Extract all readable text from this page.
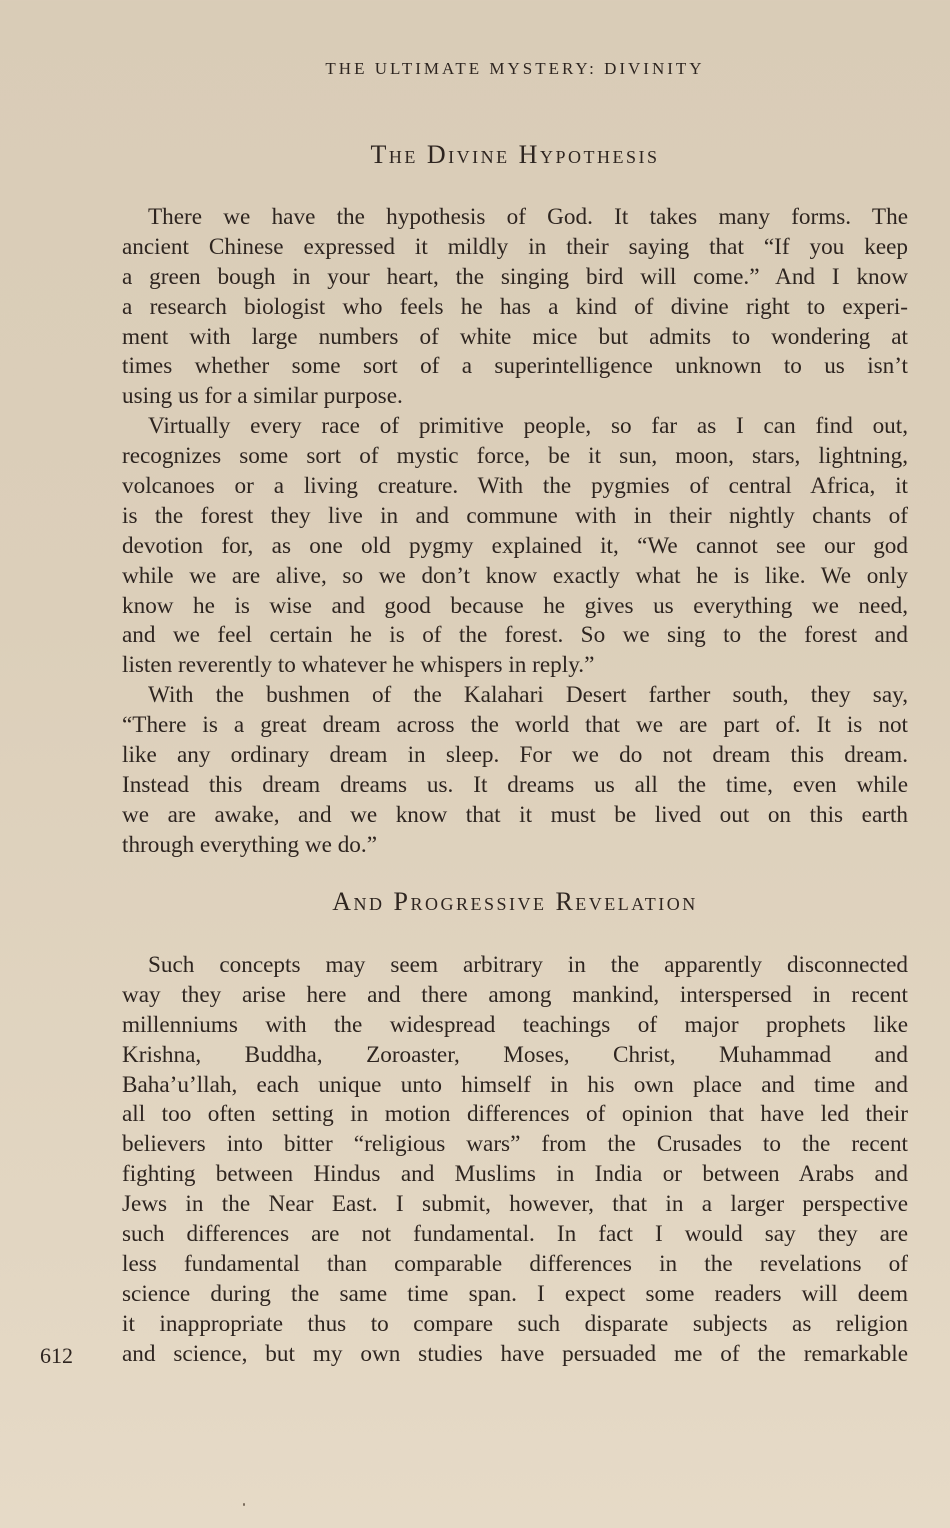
THE ULTIMATE MYSTERY: DIVINITY
The Divine Hypothesis
There we have the hypothesis of God. It takes many forms. The
ancient Chinese expressed it mildly in their saying that “If you keep
a green bough in your heart, the singing bird will come.” And I know
a research biologist who feels he has a kind of divine right to experi-
ment with large numbers of white mice but admits to wondering at
times whether some sort of a superintelligence unknown to us isn’t
using us for a similar purpose.
Virtually every race of primitive people, so far as I can find out,
recognizes some sort of mystic force, be it sun, moon, stars, lightning,
volcanoes or a living creature. With the pygmies of central Africa, it
is the forest they live in and commune with in their nightly chants of
devotion for, as one old pygmy explained it, “We cannot see our god
while we are alive, so we don’t know exactly what he is like. We only
know he is wise and good because he gives us everything we need,
and we feel certain he is of the forest. So we sing to the forest and
listen reverently to whatever he whispers in reply.”
With the bushmen of the Kalahari Desert farther south, they say,
“There is a great dream across the world that we are part of. It is not
like any ordinary dream in sleep. For we do not dream this dream.
Instead this dream dreams us. It dreams us all the time, even while
we are awake, and we know that it must be lived out on this earth
through everything we do.”
And Progressive Revelation
Such concepts may seem arbitrary in the apparently disconnected
way they arise here and there among mankind, interspersed in recent
millenniums with the widespread teachings of major prophets like
Krishna, Buddha, Zoroaster, Moses, Christ, Muhammad and
Baha’u’llah, each unique unto himself in his own place and time and
all too often setting in motion differences of opinion that have led their
believers into bitter “religious wars” from the Crusades to the recent
fighting between Hindus and Muslims in India or between Arabs and
Jews in the Near East. I submit, however, that in a larger perspective
such differences are not fundamental. In fact I would say they are
less fundamental than comparable differences in the revelations of
science during the same time span. I expect some readers will deem
it inappropriate thus to compare such disparate subjects as religion
and science, but my own studies have persuaded me of the remarkable
612
